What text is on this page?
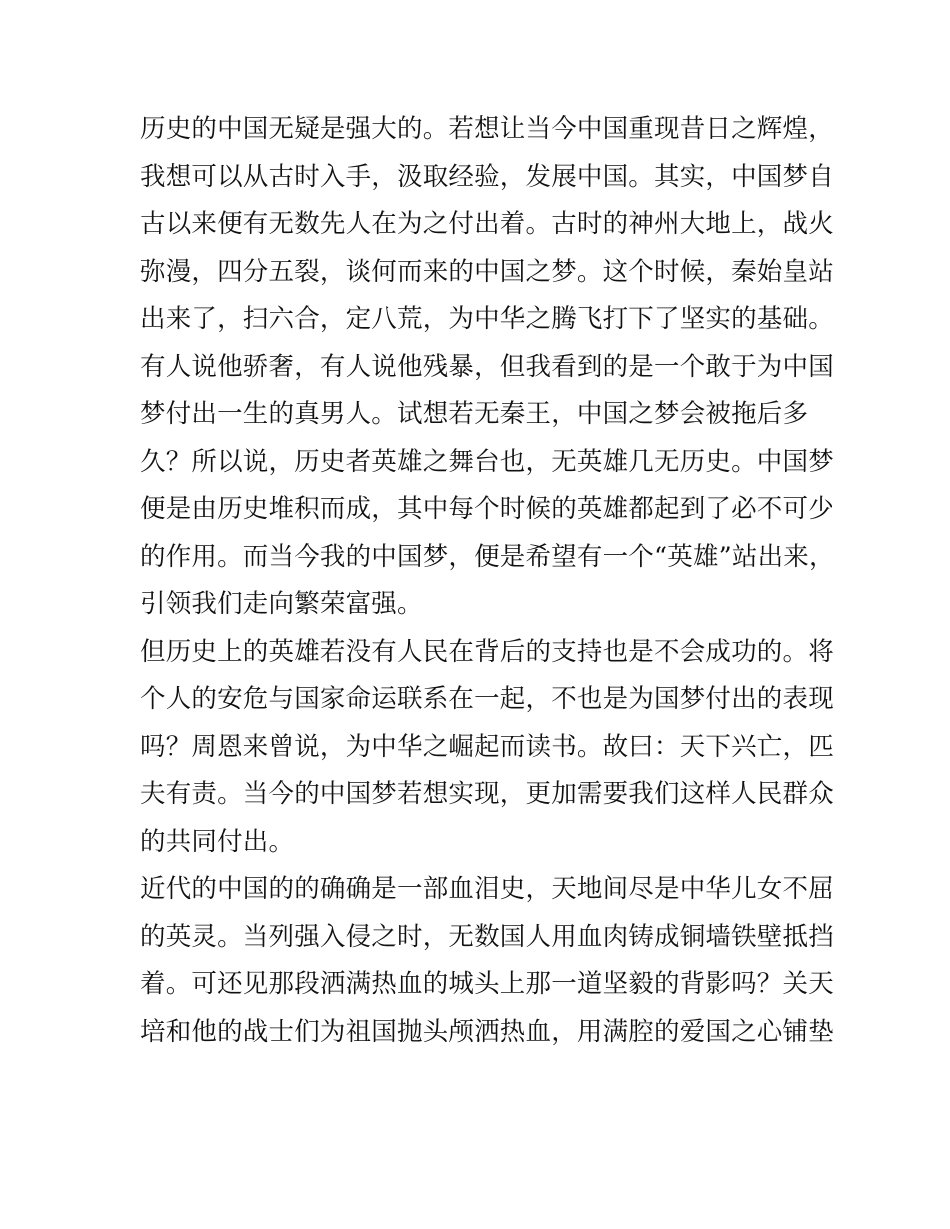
历史的中国无疑是强大的。若想让当今中国重现昔日之辉煌，
我想可以从古时入手，汲取经验，发展中国。其实，中国梦自
古以来便有无数先人在为之付出着。古时的神州大地上，战火
弥漫，四分五裂，谈何而来的中国之梦。这个时候，秦始皇站
出来了，扫六合，定八荒，为中华之腾飞打下了坚实的基础。
有人说他骄奢，有人说他残暴，但我看到的是一个敢于为中国
梦付出一生的真男人。试想若无秦王，中国之梦会被拖后多
久？所以说，历史者英雄之舞台也，无英雄几无历史。中国梦
便是由历史堆积而成，其中每个时候的英雄都起到了必不可少
的作用。而当今我的中国梦，便是希望有一个“英雄”站出来，
引领我们走向繁荣富强。
但历史上的英雄若没有人民在背后的支持也是不会成功的。将
个人的安危与国家命运联系在一起，不也是为国梦付出的表现
吗？周恩来曾说，为中华之崛起而读书。故曰：天下兴亡，匹
夫有责。当今的中国梦若想实现，更加需要我们这样人民群众
的共同付出。
近代的中国的的确确是一部血泪史，天地间尽是中华儿女不屈
的英灵。当列强入侵之时，无数国人用血肉铸成铜墙铁壁抵挡
着。可还见那段洒满热血的城头上那一道坚毅的背影吗？关天
培和他的战士们为祖国抛头颅洒热血，用满腔的爱国之心铺垫
